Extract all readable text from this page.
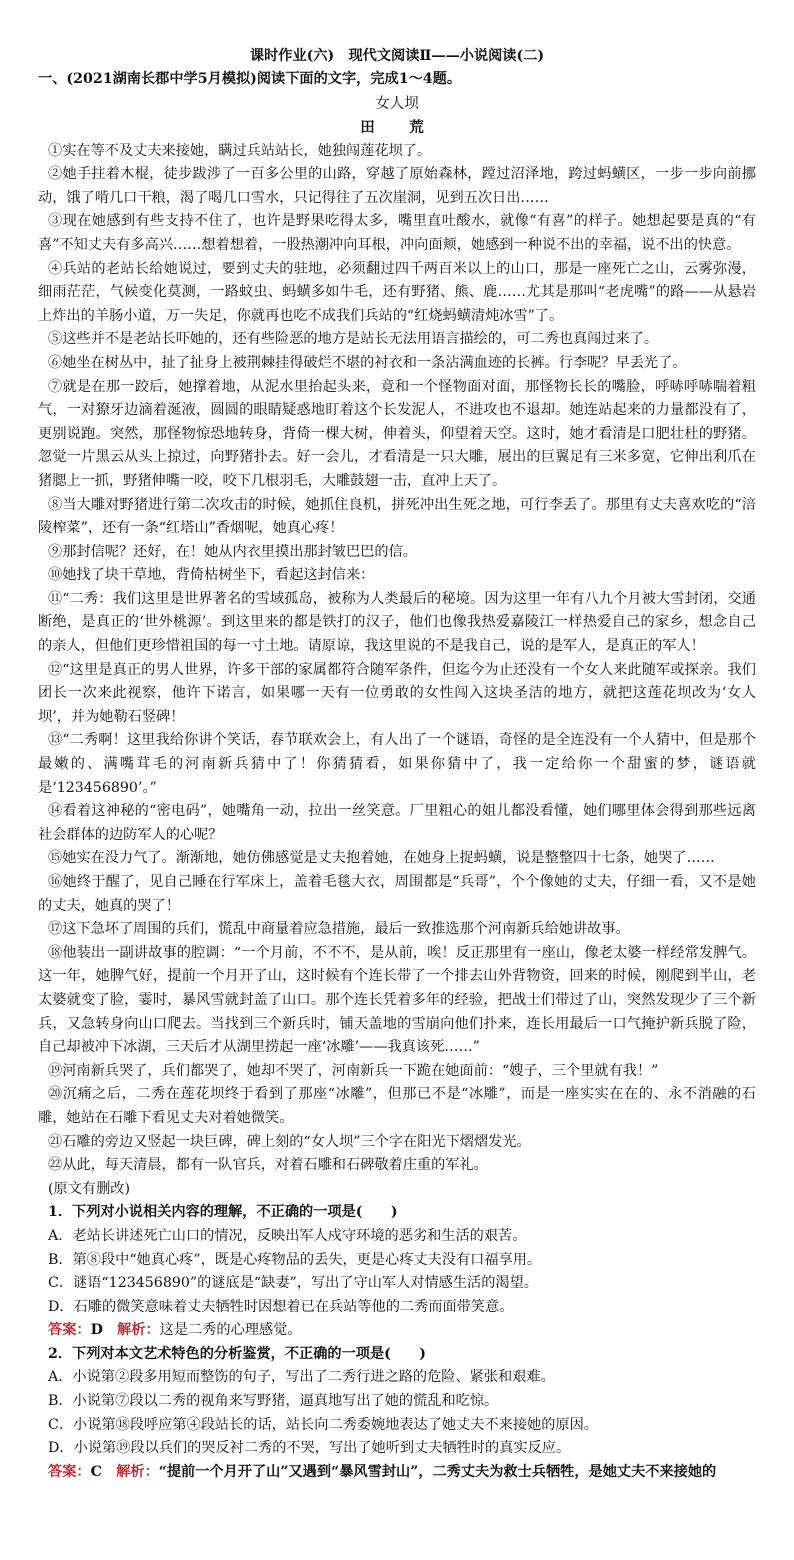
课时作业(六)　现代文阅读Ⅱ——小说阅读(二)
一、(2021湖南长郡中学5月模拟)阅读下面的文字，完成1～4题。
女人坝
田　荒
①实在等不及丈夫来接她，瞒过兵站站长，她独闯莲花坝了。
②她手拄着木棍，徒步跋涉了一百多公里的山路，穿越了原始森林，蹚过沼泽地，跨过蚂蟥区，一步一步向前挪动，饿了啃几口干粮，渴了喝几口雪水，只记得往了五次崖洞，见到五次日出……
③现在她感到有些支持不住了，也许是野果吃得太多，嘴里直吐酸水，就像“有喜”的样子。她想起要是真的“有喜”不知丈夫有多高兴……想着想着，一股热潮冲向耳根，冲向面颊，她感到一种说不出的幸福，说不出的快意。
④兵站的老站长给她说过，要到丈夫的驻地，必须翻过四千两百米以上的山口，那是一座死亡之山，云雾弥漫，细雨茫茫，气候变化莫测，一路蚊虫、蚂蟥多如牛毛，还有野猪、熊、鹿……尤其是那叫“老虎嘴”的路——从悬岩上炸出的羊肠小道，万一失足，你就再也吃不成我们兵站的“红烧蚂蟥清炖冰雪”了。
⑤这些并不是老站长吓她的，还有些险恶的地方是站长无法用语言描绘的，可二秀也真闯过来了。
⑥她坐在树丛中，扯了扯身上被荆棘挂得破烂不堪的衬衣和一条沾满血迹的长裤。行李呢？早丢光了。
⑦就是在那一跤后，她撑着地，从泥水里抬起头来，竟和一个怪物面对面，那怪物长长的嘴脸，呼哧呼哧喘着粗气，一对獠牙边滴着涎液，圆圆的眼睛疑惑地盯着这个长发泥人，不进攻也不退却。她连站起来的力量都没有了，更别说跑。突然，那怪物惊恐地转身，背倚一棵大树，伸着头，仰望着天空。这时，她才看清是口肥壮杜的野猪。忽觉一片黑云从头上掠过，向野猪扑去。好一会儿，才看清是一只大雕，展出的巨翼足有三米多宽，它伸出利爪在猪腮上一抓，野猪伸嘴一咬，咬下几根羽毛，大雕鼓翅一击，直冲上天了。
⑧当大雕对野猪进行第二次攻击的时候，她抓住良机，拼死冲出生死之地，可行李丢了。那里有丈夫喜欢吃的“涪陵榨菜”，还有一条“红塔山”香烟呢，她真心疼！
⑨那封信呢？还好，在！她从内衣里摸出那封皱巴巴的信。
⑩她找了块干草地，背倚枯树坐下，看起这封信来：
⑪“二秀：我们这里是世界著名的雪域孤岛，被称为人类最后的秘境。因为这里一年有八九个月被大雪封闭，交通断绝，是真正的‘世外桃源’。到这里来的都是铁打的汉子，他们也像我热爱嘉陵江一样热爱自己的家乡，想念自己的亲人，但他们更珍惜祖国的每一寸土地。请原谅，我这里说的不是我自己，说的是军人，是真正的军人！
⑫“这里是真正的男人世界，许多干部的家属都符合随军条件，但迄今为止还没有一个女人来此随军或探亲。我们团长一次来此视察，他许下诺言，如果哪一天有一位勇敢的女性闯入这块圣洁的地方，就把这莲花坝改为‘女人坝’，并为她勒石竖碑！
⑬“二秀啊！这里我给你讲个笑话，春节联欢会上，有人出了一个谜语，奇怪的是全连没有一个人猜中，但是那个最嫩的、满嘴茸毛的河南新兵猜中了！你猜猜看，如果你猜中了，我一定给你一个甜蜜的梦，谜语就是‘123456890’。”
⑭看着这神秘的“密电码”，她嘴角一动，拉出一丝笑意。厂里粗心的姐儿都没看懂，她们哪里体会得到那些远离社会群体的边防军人的心呢？
⑮她实在没力气了。渐渐地，她仿佛感觉是丈夫抱着她，在她身上捉蚂蟥，说是整整四十七条，她哭了……
⑯她终于醒了，见自己睡在行军床上，盖着毛毯大衣，周围都是“兵哥”，个个像她的丈夫，仔细一看，又不是她的丈夫，她真的哭了！
⑰这下急坏了周围的兵们，慌乱中商量着应急措施，最后一致推选那个河南新兵给她讲故事。
⑱他装出一副讲故事的腔调：“一个月前，不不不，是从前，唉！反正那里有一座山，像老太婆一样经常发脾气。这一年，她脾气好，提前一个月开了山，这时候有个连长带了一个排去山外背物资，回来的时候，刚爬到半山，老太婆就变了脸，霎时，暴风雪就封盖了山口。那个连长凭着多年的经验，把战士们带过了山，突然发现少了三个新兵，又急转身向山口爬去。当找到三个新兵时，铺天盖地的雪崩向他们扑来，连长用最后一口气掩护新兵脱了险，自己却被冲下冰湖，三天后才从湖里捞起一座‘冰雕’——我真该死……”
⑲河南新兵哭了，兵们都哭了，她却不哭了，河南新兵一下跪在她面前：“嫂子，三个里就有我！”
⑳沉痛之后，二秀在莲花坝终于看到了那座“冰雕”，但那已不是“冰雕”，而是一座实实在在的、永不消融的石雕，她站在石雕下看见丈夫对着她微笑。
㉑石雕的旁边又竖起一块巨碑，碑上刻的“女人坝”三个字在阳光下熠熠发光。
㉒从此，每天清晨，都有一队官兵，对着石雕和石碑敬着庄重的军礼。
(原文有删改)
1．下列对小说相关内容的理解，不正确的一项是(　　)
A．老站长讲述死亡山口的情况，反映出军人戍守环境的恶劣和生活的艰苦。
B．第⑧段中“她真心疼”，既是心疼物品的丢失，更是心疼丈夫没有口福享用。
C．谜语“123456890”的谜底是“缺妻”，写出了守山军人对情感生活的渴望。
D．石雕的微笑意味着丈夫牺牲时因想着已在兵站等他的二秀而面带笑意。
答案：D　 解析：这是二秀的心理感觉。
2．下列对本文艺术特色的分析鉴赏，不正确的一项是(　　)
A．小说第②段多用短而整饬的句子，写出了二秀行进之路的危险、紧张和艰难。
B．小说第⑦段以二秀的视角来写野猪，逼真地写出了她的慌乱和吃惊。
C．小说第⑱段呼应第④段站长的话，站长向二秀委婉地表达了她丈夫不来接她的原因。
D．小说第⑲段以兵们的哭反衬二秀的不哭，写出了她听到丈夫牺牲时的真实反应。
答案：C　 解析：“提前一个月开了山”又遇到“暴风雪封山”，二秀丈夫为救士兵牺牲，是她丈夫不来接她的
